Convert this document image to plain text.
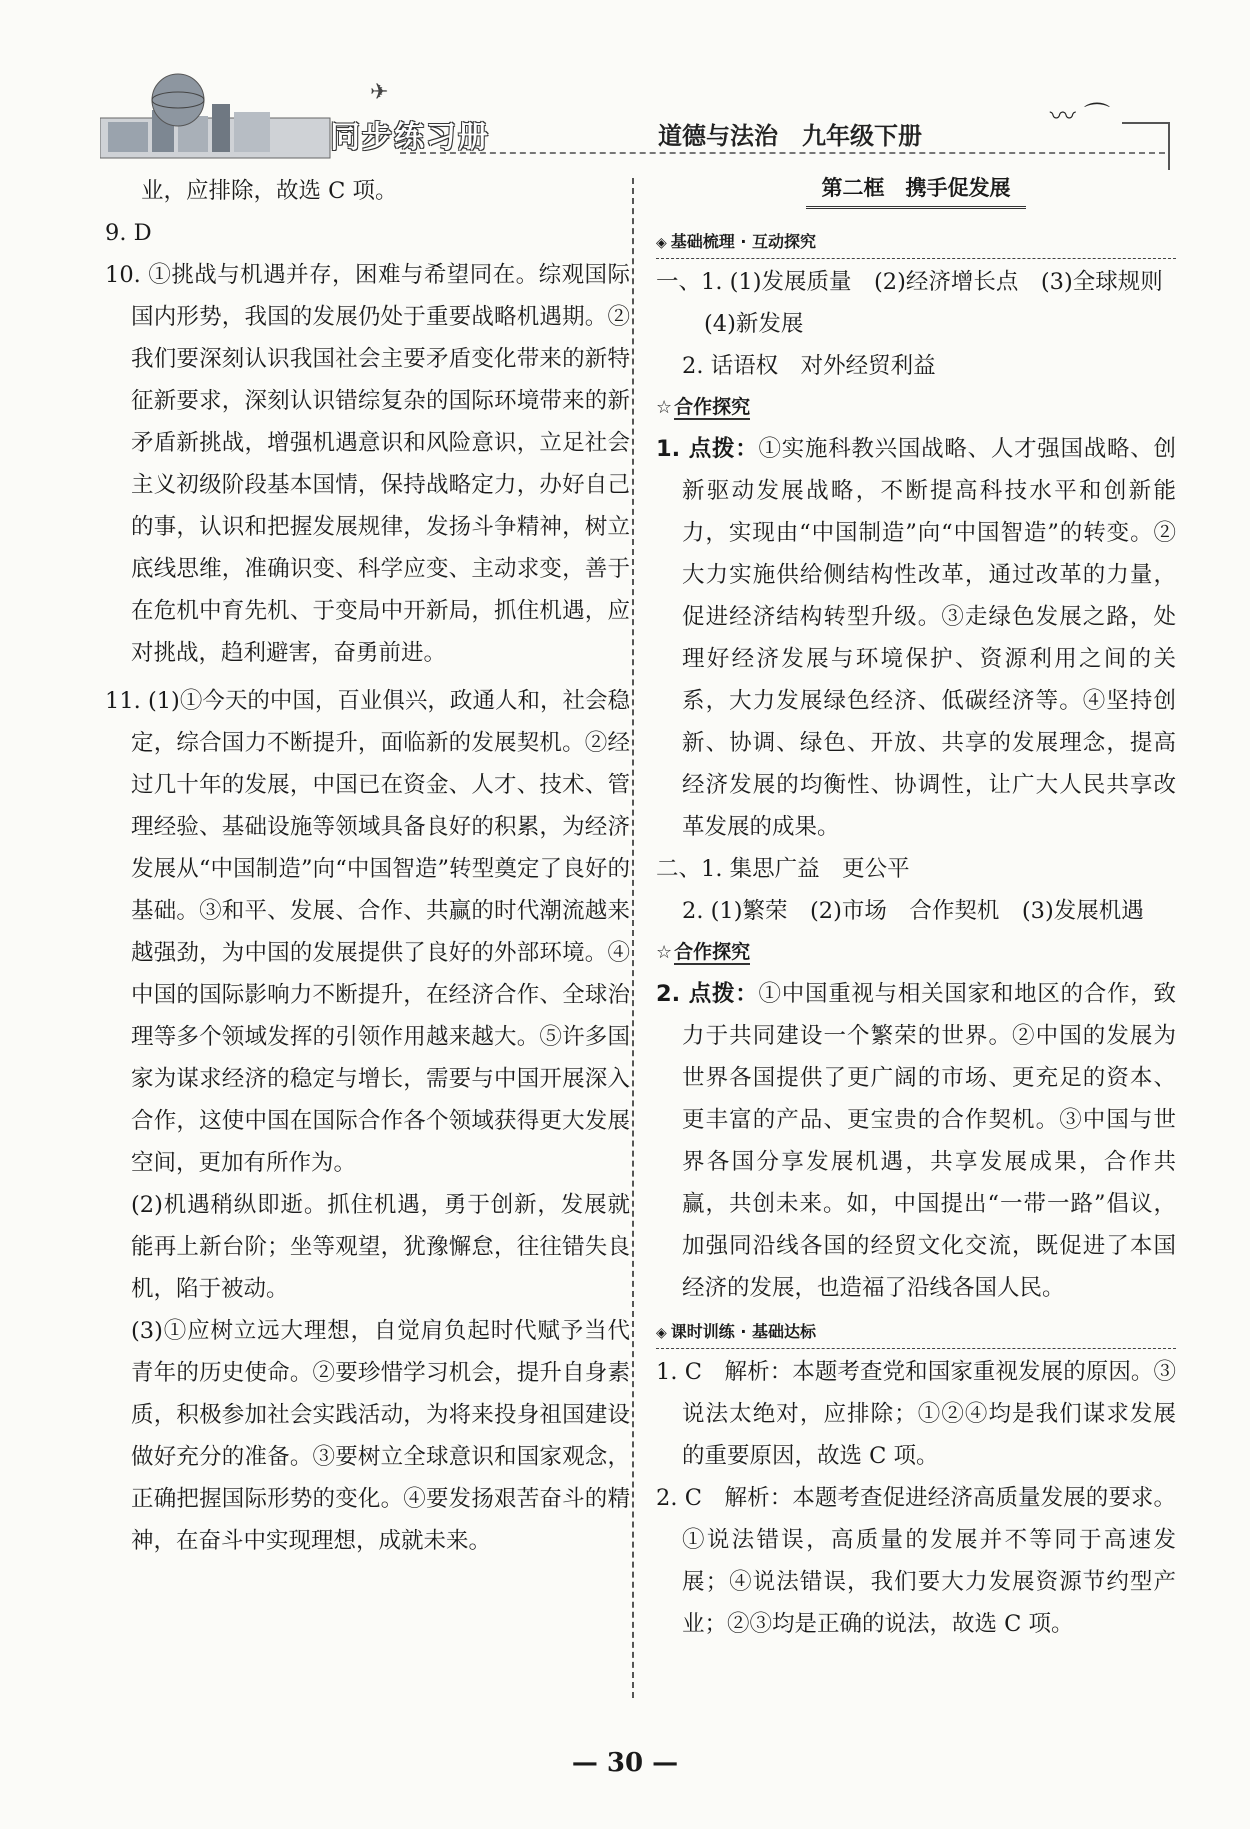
✈
同步练习册	道德与法治　九年级下册
〰 ⌒

业，应排除，故选 C 项。

9. D

10. ①挑战与机遇并存，困难与希望同在。综观国际国内形势，我国的发展仍处于重要战略机遇期。②我们要深刻认识我国社会主要矛盾变化带来的新特征新要求，深刻认识错综复杂的国际环境带来的新矛盾新挑战，增强机遇意识和风险意识，立足社会主义初级阶段基本国情，保持战略定力，办好自己的事，认识和把握发展规律，发扬斗争精神，树立底线思维，准确识变、科学应变、主动求变，善于在危机中育先机、于变局中开新局，抓住机遇，应对挑战，趋利避害，奋勇前进。

11. (1)①今天的中国，百业俱兴，政通人和，社会稳定，综合国力不断提升，面临新的发展契机。②经过几十年的发展，中国已在资金、人才、技术、管理经验、基础设施等领域具备良好的积累，为经济发展从“中国制造”向“中国智造”转型奠定了良好的基础。③和平、发展、合作、共赢的时代潮流越来越强劲，为中国的发展提供了良好的外部环境。④中国的国际影响力不断提升，在经济合作、全球治理等多个领域发挥的引领作用越来越大。⑤许多国家为谋求经济的稳定与增长，需要与中国开展深入合作，这使中国在国际合作各个领域获得更大发展空间，更加有所作为。

(2)机遇稍纵即逝。抓住机遇，勇于创新，发展就能再上新台阶；坐等观望，犹豫懈怠，往往错失良机，陷于被动。

(3)①应树立远大理想，自觉肩负起时代赋予当代青年的历史使命。②要珍惜学习机会，提升自身素质，积极参加社会实践活动，为将来投身祖国建设做好充分的准备。③要树立全球意识和国家观念，正确把握国际形势的变化。④要发扬艰苦奋斗的精神，在奋斗中实现理想，成就未来。

第二框　携手促发展
◈ 基础梳理 · 互动探究

一、1. (1)发展质量　(2)经济增长点　(3)全球规则

(4)新发展

2. 话语权　对外经贸利益

☆ 合作探究

1. 点拨：①实施科教兴国战略、人才强国战略、创新驱动发展战略，不断提高科技水平和创新能力，实现由“中国制造”向“中国智造”的转变。②大力实施供给侧结构性改革，通过改革的力量，促进经济结构转型升级。③走绿色发展之路，处理好经济发展与环境保护、资源利用之间的关系，大力发展绿色经济、低碳经济等。④坚持创新、协调、绿色、开放、共享的发展理念，提高经济发展的均衡性、协调性，让广大人民共享改革发展的成果。

二、1. 集思广益　更公平

2. (1)繁荣　(2)市场　合作契机　(3)发展机遇

☆ 合作探究

2. 点拨：①中国重视与相关国家和地区的合作，致力于共同建设一个繁荣的世界。②中国的发展为世界各国提供了更广阔的市场、更充足的资本、更丰富的产品、更宝贵的合作契机。③中国与世界各国分享发展机遇，共享发展成果，合作共赢，共创未来。如，中国提出“一带一路”倡议，加强同沿线各国的经贸文化交流，既促进了本国经济的发展，也造福了沿线各国人民。

◈ 课时训练 · 基础达标

1. C　解析：本题考查党和国家重视发展的原因。③说法太绝对，应排除；①②④均是我们谋求发展的重要原因，故选 C 项。

2. C　解析：本题考查促进经济高质量发展的要求。①说法错误，高质量的发展并不等同于高速发展；④说法错误，我们要大力发展资源节约型产业；②③均是正确的说法，故选 C 项。

— 30 —
